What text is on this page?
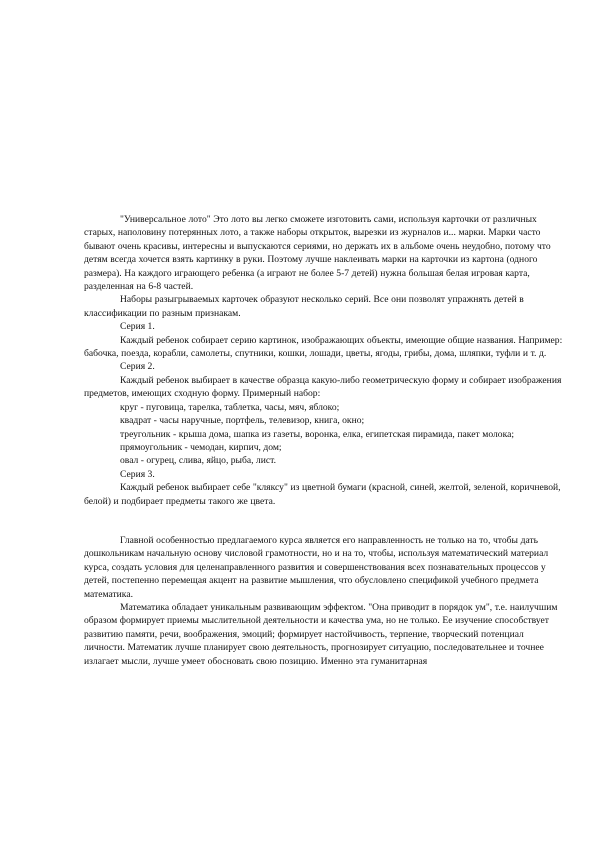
"Универсальное лото" Это лото вы легко сможете изготовить сами, используя карточки от различных старых, наполовину потерянных лото, а также наборы открыток, вырезки из журналов и... марки. Марки часто бывают очень красивы, интересны и выпускаются сериями, но держать их в альбоме очень неудобно, потому что детям всегда хочется взять картинку в руки. Поэтому лучше наклеивать марки на карточки из картона (одного размера). На каждого играющего ребенка (а играют не более 5-7 детей) нужна большая белая игровая карта, разделенная на 6-8 частей.

Наборы разыгрываемых карточек образуют несколько серий. Все они позволят упражнять детей в классификации по разным признакам.

Серия 1.

Каждый ребенок собирает серию картинок, изображающих объекты, имеющие общие названия. Например: бабочка, поезда, корабли, самолеты, спутники, кошки, лошади, цветы, ягоды, грибы, дома, шляпки, туфли и т. д.

Серия 2.

Каждый ребенок выбирает в качестве образца какую-либо геометрическую форму и собирает изображения предметов, имеющих сходную форму. Примерный набор:

круг - пуговица, тарелка, таблетка, часы, мяч, яблоко;

квадрат - часы наручные, портфель, телевизор, книга, окно;

треугольник - крыша дома, шапка из газеты, воронка, елка, египетская пирамида, пакет молока;

прямоугольник - чемодан, кирпич, дом;

овал - огурец, слива, яйцо, рыба, лист.

Серия 3.

Каждый ребенок выбирает себе "кляксу" из цветной бумаги (красной, синей, желтой, зеленой, коричневой, белой) и подбирает предметы такого же цвета.

Главной особенностью предлагаемого курса является его направленность не только на то, чтобы дать дошкольникам начальную основу числовой грамотности, но и на то, чтобы, используя математический материал курса, создать условия для целенаправленного развития и совершенствования всех познавательных процессов у детей, постепенно перемещая акцент на развитие мышления, что обусловлено спецификой учебного предмета математика.

Математика обладает уникальным развивающим эффектом. "Она приводит в порядок ум", т.е. наилучшим образом формирует приемы мыслительной деятельности и качества ума, но не только. Ее изучение способствует развитию памяти, речи, воображения, эмоций; формирует настойчивость, терпение, творческий потенциал личности. Математик лучше планирует свою деятельность, прогнозирует ситуацию, последовательнее и точнее излагает мысли, лучше умеет обосновать свою позицию. Именно эта гуманитарная
